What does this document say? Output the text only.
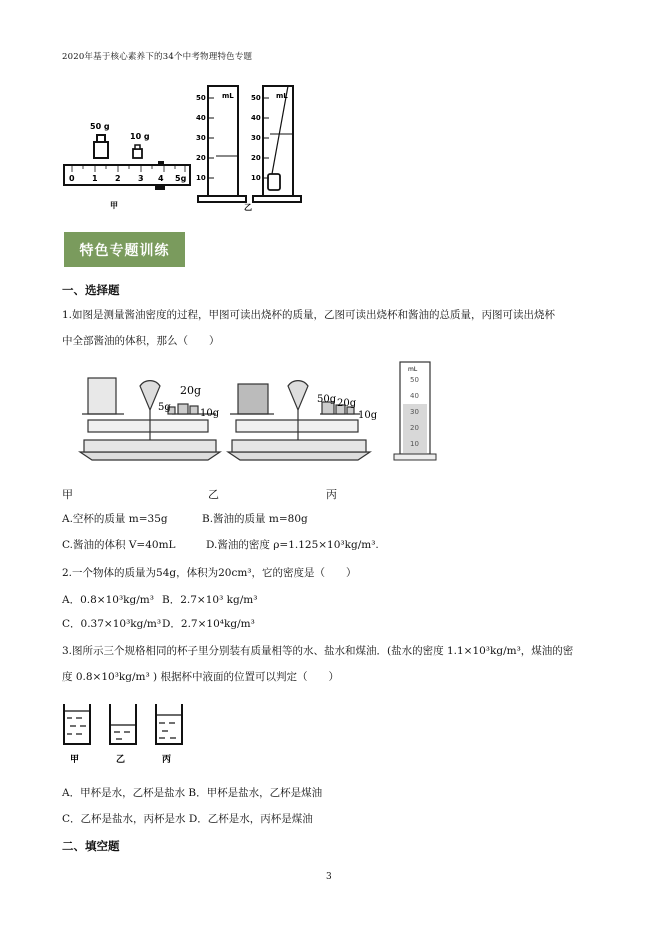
2020年基于核心素养下的34个中考物理特色专题
50 g
10 g
0 1 2 3 4 5g
甲
mL
50
40
30
20
10
mL
50
40
30
20
10
乙
特色专题训练
一、选择题
1.如图是测量酱油密度的过程，甲图可读出烧杯的质量，乙图可读出烧杯和酱油的总质量，丙图可读出烧杯
中全部酱油的体积，那么（　　）
20g
5g
10g
50g 20g
10g
mL
50
40
30
20
10
甲	乙	丙
A.空杯的质量 m=35g	B.酱油的质量 m=80g
C.酱油的体积 V=40mL	D.酱油的密度 ρ=1.125×10³kg/m³.
2.一个物体的质量为54g，体积为20cm³，它的密度是（　　）
A．0.8×10³kg/m³ B．2.7×10³ kg/m³
C．0.37×10³kg/m³ D．2.7×10⁴kg/m³
3.图所示三个规格相同的杯子里分别装有质量相等的水、盐水和煤油．(盐水的密度 1.1×10³kg/m³，煤油的密
度 0.8×10³kg/m³ ) 根据杯中液面的位置可以判定（　　）
甲	乙	丙
A．甲杯是水，乙杯是盐水 B．甲杯是盐水，乙杯是煤油
C．乙杯是盐水，丙杯是水 D．乙杯是水，丙杯是煤油
二、填空题
3
